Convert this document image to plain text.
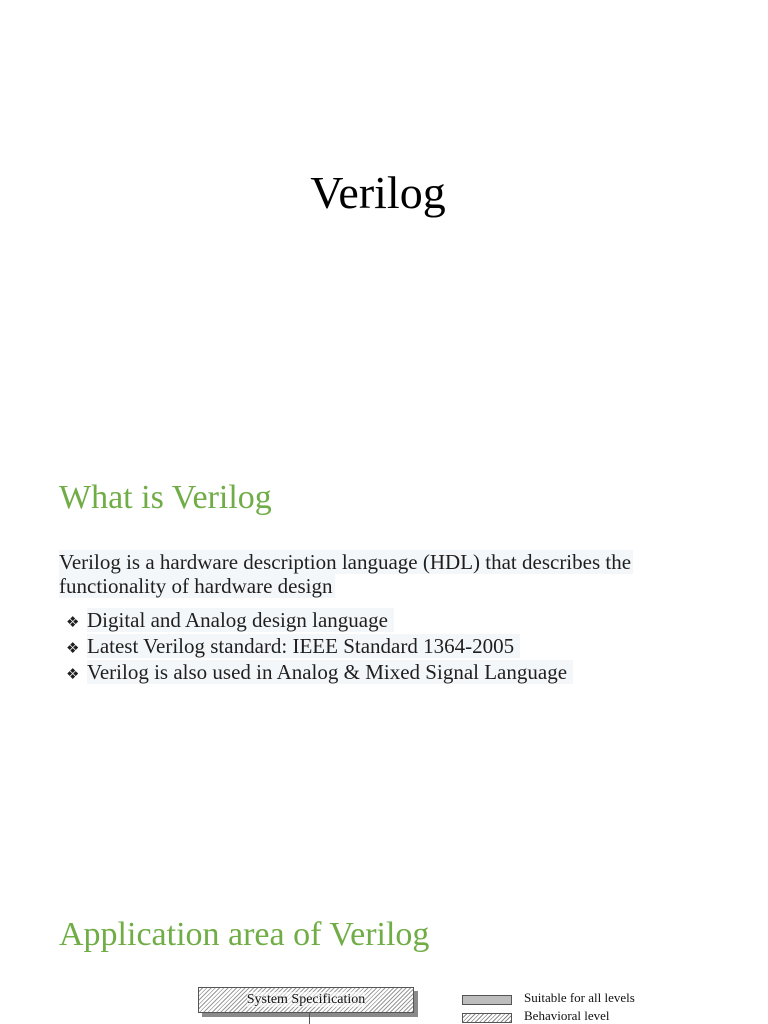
Verilog
What is Verilog
Verilog is a hardware description language (HDL) that describes the
functionality of hardware design
❖ Digital and Analog design language
❖ Latest Verilog standard: IEEE Standard 1364-2005
❖ Verilog is also used in Analog & Mixed Signal Language
Application area of Verilog
System Specification	Suitable for all levels
Behavioral level
